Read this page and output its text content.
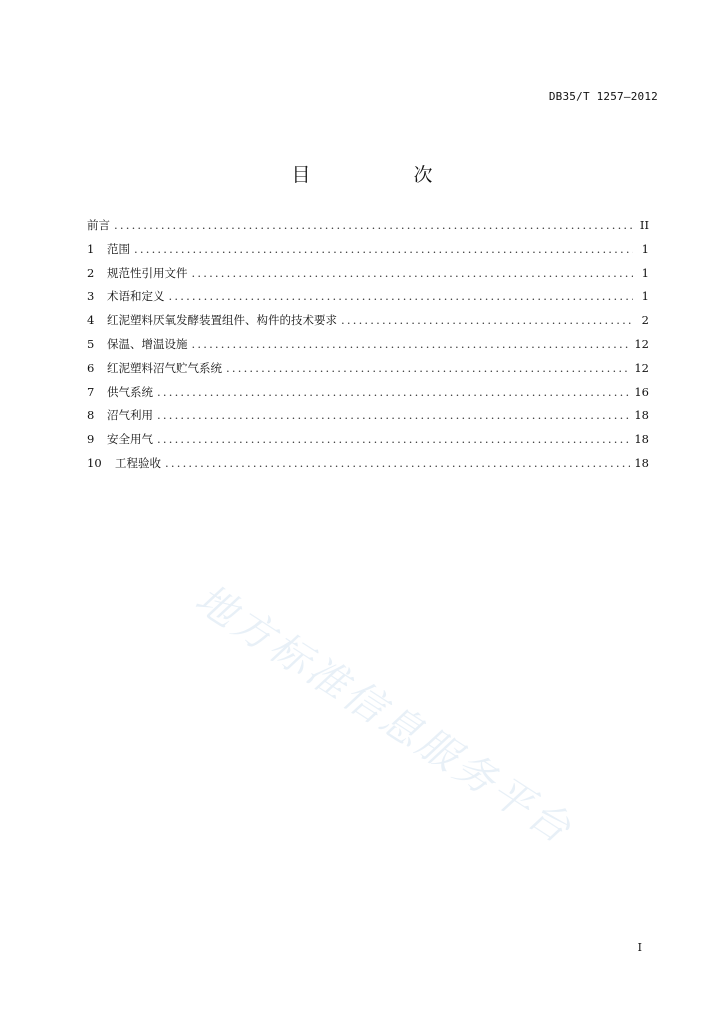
DB35/T 1257—2012
目　次
前言 .....	II
1	范围 .....	1
2	规范性引用文件 .....	1
3	术语和定义 .....	1
4	红泥塑料厌氧发酵装置组件、构件的技术要求 .....	2
5	保温、增温设施 .....	12
6	红泥塑料沼气贮气系统 .....	12
7	供气系统 .....	16
8	沼气利用 .....	18
9	安全用气 .....	18
10	工程验收 .....	18
地方标准信息服务平台
I
